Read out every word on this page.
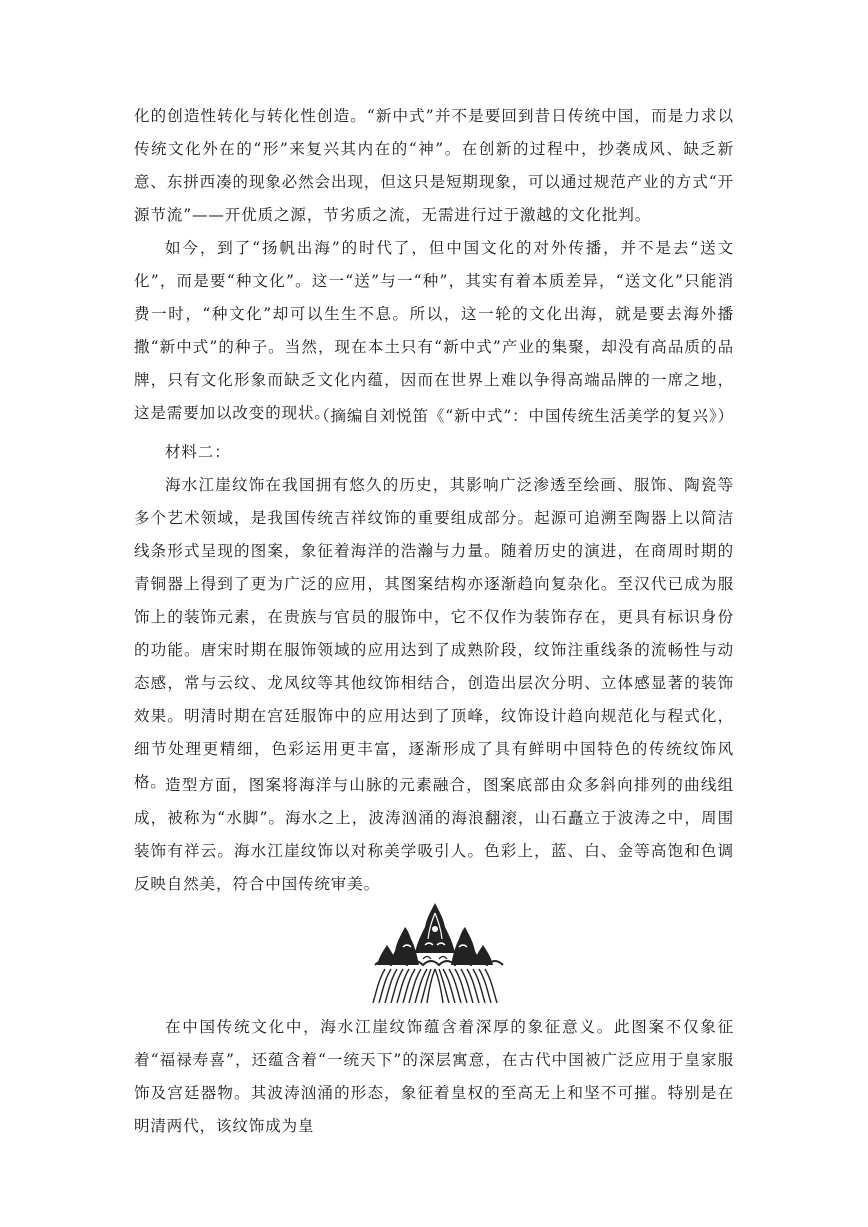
化的创造性转化与转化性创造。“新中式”并不是要回到昔日传统中国，而是力求以传统文化外在的“形”来复兴其内在的“神”。在创新的过程中，抄袭成风、缺乏新意、东拼西凑的现象必然会出现，但这只是短期现象，可以通过规范产业的方式“开源节流”——开优质之源，节劣质之流，无需进行过于激越的文化批判。

如今，到了“扬帆出海”的时代了，但中国文化的对外传播，并不是去“送文化”，而是要“种文化”。这一“送”与一“种”，其实有着本质差异，“送文化”只能消费一时，“种文化”却可以生生不息。所以，这一轮的文化出海，就是要去海外播撒“新中式”的种子。当然，现在本土只有“新中式”产业的集聚，却没有高品质的品牌，只有文化形象而缺乏文化内蕴，因而在世界上难以争得高端品牌的一席之地，这是需要加以改变的现状。

（摘编自刘悦笛《“新中式”：中国传统生活美学的复兴》）

材料二：

海水江崖纹饰在我国拥有悠久的历史，其影响广泛渗透至绘画、服饰、陶瓷等多个艺术领域，是我国传统吉祥纹饰的重要组成部分。起源可追溯至陶器上以简洁线条形式呈现的图案，象征着海洋的浩瀚与力量。随着历史的演进，在商周时期的青铜器上得到了更为广泛的应用，其图案结构亦逐渐趋向复杂化。至汉代已成为服饰上的装饰元素，在贵族与官员的服饰中，它不仅作为装饰存在，更具有标识身份的功能。唐宋时期在服饰领域的应用达到了成熟阶段，纹饰注重线条的流畅性与动态感，常与云纹、龙凤纹等其他纹饰相结合，创造出层次分明、立体感显著的装饰效果。明清时期在宫廷服饰中的应用达到了顶峰，纹饰设计趋向规范化与程式化，细节处理更精细，色彩运用更丰富，逐渐形成了具有鲜明中国特色的传统纹饰风格。

造型方面，图案将海洋与山脉的元素融合，图案底部由众多斜向排列的曲线组成，被称为“水脚”。海水之上，波涛汹涌的海浪翻滚，山石矗立于波涛之中，周围装饰有祥云。海水江崖纹饰以对称美学吸引人。色彩上，蓝、白、金等高饱和色调反映自然美，符合中国传统审美。

在中国传统文化中，海水江崖纹饰蕴含着深厚的象征意义。此图案不仅象征着“福禄寿喜”，还蕴含着“一统天下”的深层寓意，在古代中国被广泛应用于皇家服饰及宫廷器物。其波涛汹涌的形态，象征着皇权的至高无上和坚不可摧。特别是在明清两代，该纹饰成为皇
